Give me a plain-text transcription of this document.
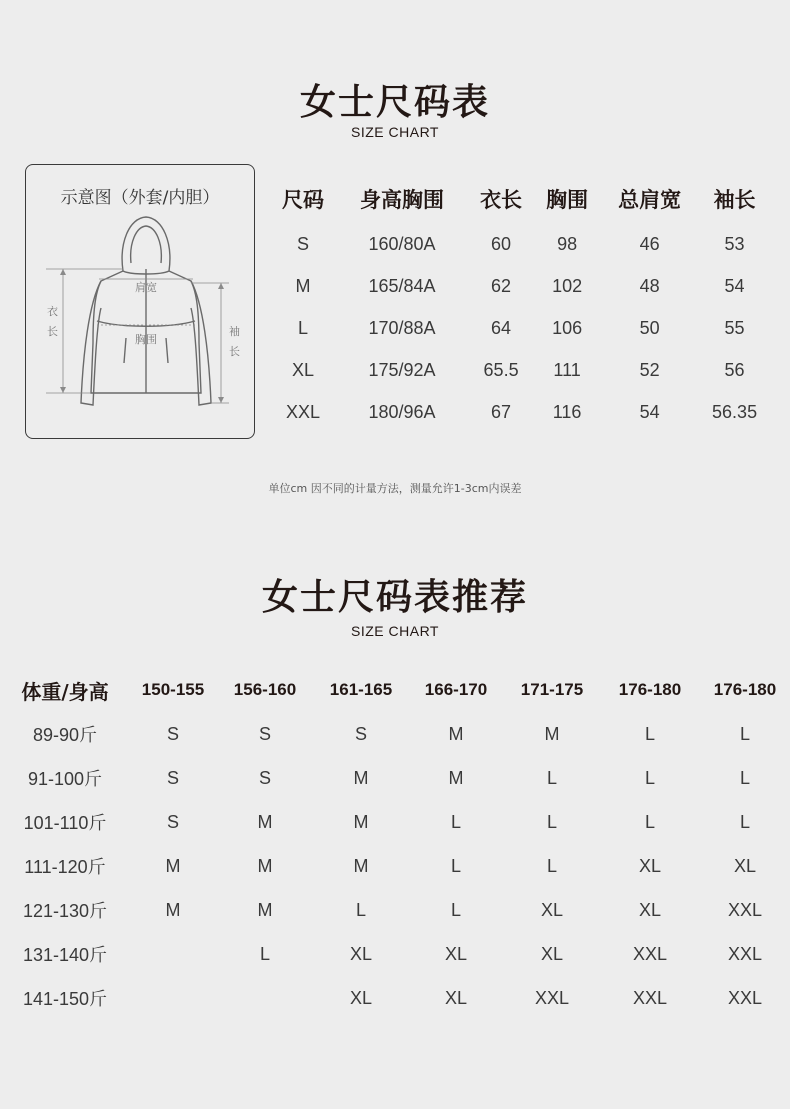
女士尺码表
SIZE CHART
示意图（外套/内胆）
肩宽
胸围
衣
长	袖
长
尺码	身高胸围	衣长	胸围	总肩宽	袖长
S	160/80A	60	98	46	53
M	165/84A	62	102	48	54
L	170/88A	64	106	50	55
XL	175/92A	65.5	111	52	56
XXL	180/96A	67	116	54	56.35
单位cm 因不同的计量方法，测量允许1-3cm内误差
女士尺码表推荐
SIZE CHART
体重/身高	150-155	156-160	161-165	166-170	171-175	176-180	176-180
89-90斤	S	S	S	M	M	L	L
91-100斤	S	S	M	M	L	L	L
101-110斤	S	M	M	L	L	L	L
111-120斤	M	M	M	L	L	XL	XL
121-130斤	M	M	L	L	XL	XL	XXL
131-140斤		L	XL	XL	XL	XXL	XXL
141-150斤			XL	XL	XXL	XXL	XXL
